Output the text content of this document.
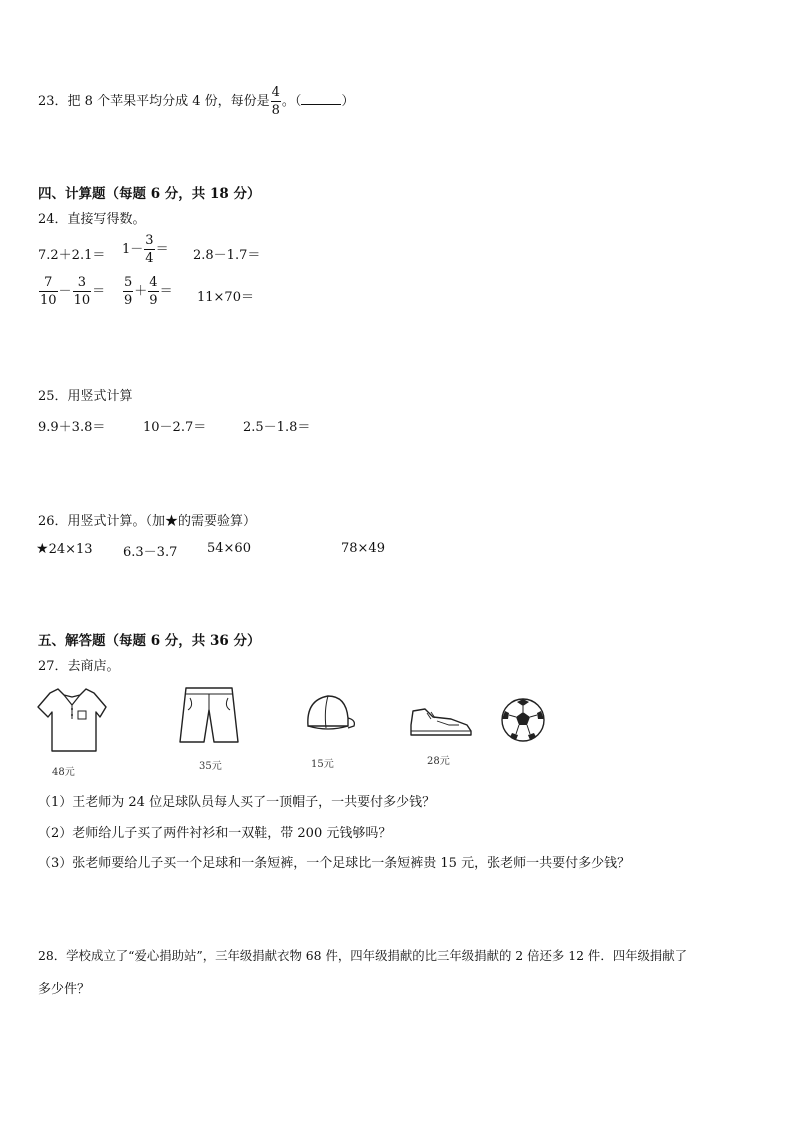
23．把 8 个苹果平均分成 4 份，每份是 $\frac{4}{8}$ 。（	）
四、计算题（每题 6 分，共 18 分）
24．直接写得数。
$7.2+2.1= 1- \frac{3}{4} = 2.8-1.7=$
$\frac{7}{10} - \frac{3}{10} = \frac{5}{9} + \frac{4}{9} = 11\times 70=$
25．用竖式计算
9.9＋3.8＝	10－2.7＝	2.5－1.8＝
26．用竖式计算。（加★的需要验算）
★24×13 6.3－3.7 54×60	78×49
五、解答题（每题 6 分，共 36 分）
27．去商店。
48元
35元	15元	28元
（1）王老师为 24 位足球队员每人买了一顶帽子，一共要付多少钱？
（2）老师给儿子买了两件衬衫和一双鞋，带 200 元钱够吗？
（3）张老师要给儿子买一个足球和一条短裤，一个足球比一条短裤贵 15 元，张老师一共要付多少钱？
28．学校成立了“爱心捐助站”，三年级捐献衣物 68 件，四年级捐献的比三年级捐献的 2 倍还多 12 件．四年级捐献了
多少件？
